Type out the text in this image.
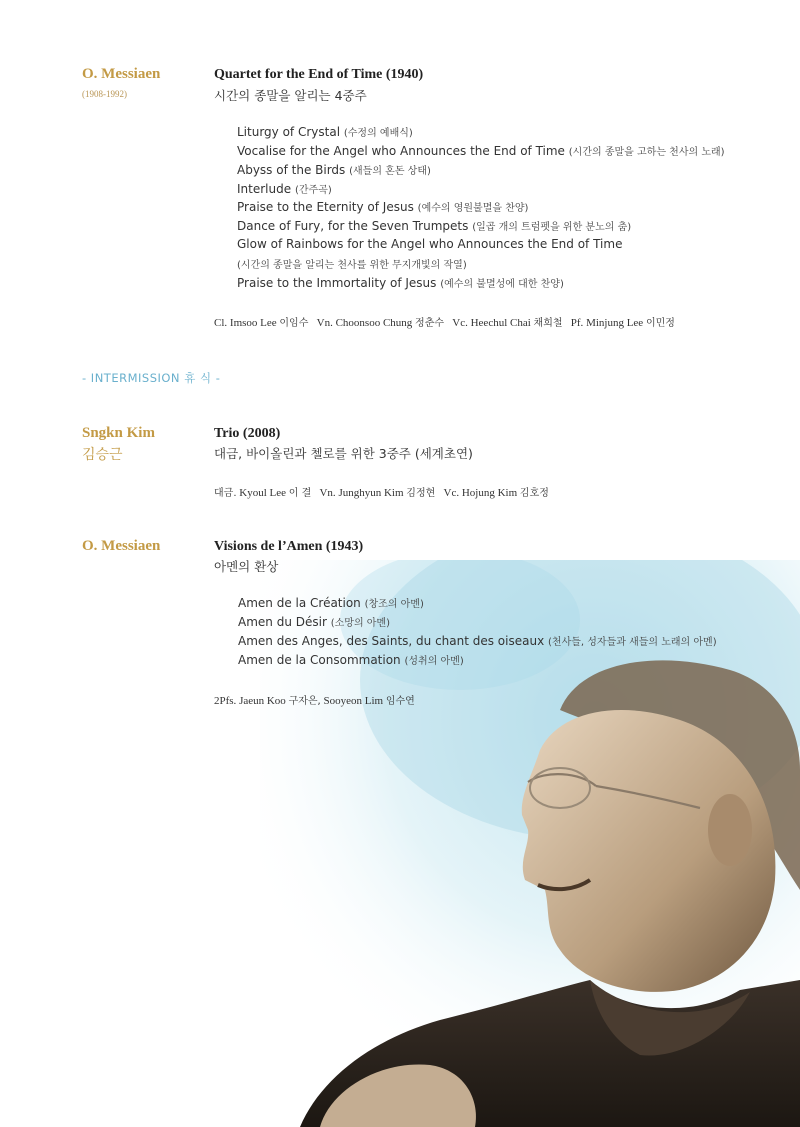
O. Messiaen
(1908-1992)
Quartet for the End of Time (1940)
시간의 종말을 알리는 4중주
Liturgy of Crystal (수정의 예배식)
Vocalise for the Angel who Announces the End of Time (시간의 종말을 고하는 천사의 노래)
Abyss of the Birds (새들의 혼돈 상태)
Interlude (간주곡)
Praise to the Eternity of Jesus (예수의 영원불멸을 찬양)
Dance of Fury, for the Seven Trumpets (일곱 개의 트럼펫을 위한 분노의 춤)
Glow of Rainbows for the Angel who Announces the End of Time
(시간의 종말을 알리는 천사를 위한 무지개빛의 작열)
Praise to the Immortality of Jesus (예수의 불멸성에 대한 찬양)
Cl. Imsoo Lee 이임수 Vn. Choonsoo Chung 정춘수 Vc. Heechul Chai 채희철 Pf. Minjung Lee 이민정
- INTERMISSION 휴 식 -
Sngkn Kim
김승근
Trio (2008)
대금, 바이올린과 첼로를 위한 3중주 (세계초연)
대금. Kyoul Lee 이 결 Vn. Junghyun Kim 김정현 Vc. Hojung Kim 김호정
O. Messiaen	Visions de l’Amen (1943)
아멘의 환상
Amen de la Création (창조의 아멘)
Amen du Désir (소망의 아멘)
Amen des Anges, des Saints, du chant des oiseaux (천사들, 성자들과 새들의 노래의 아멘)
Amen de la Consommation (성취의 아멘)
2Pfs. Jaeun Koo 구자은, Sooyeon Lim 임수연
